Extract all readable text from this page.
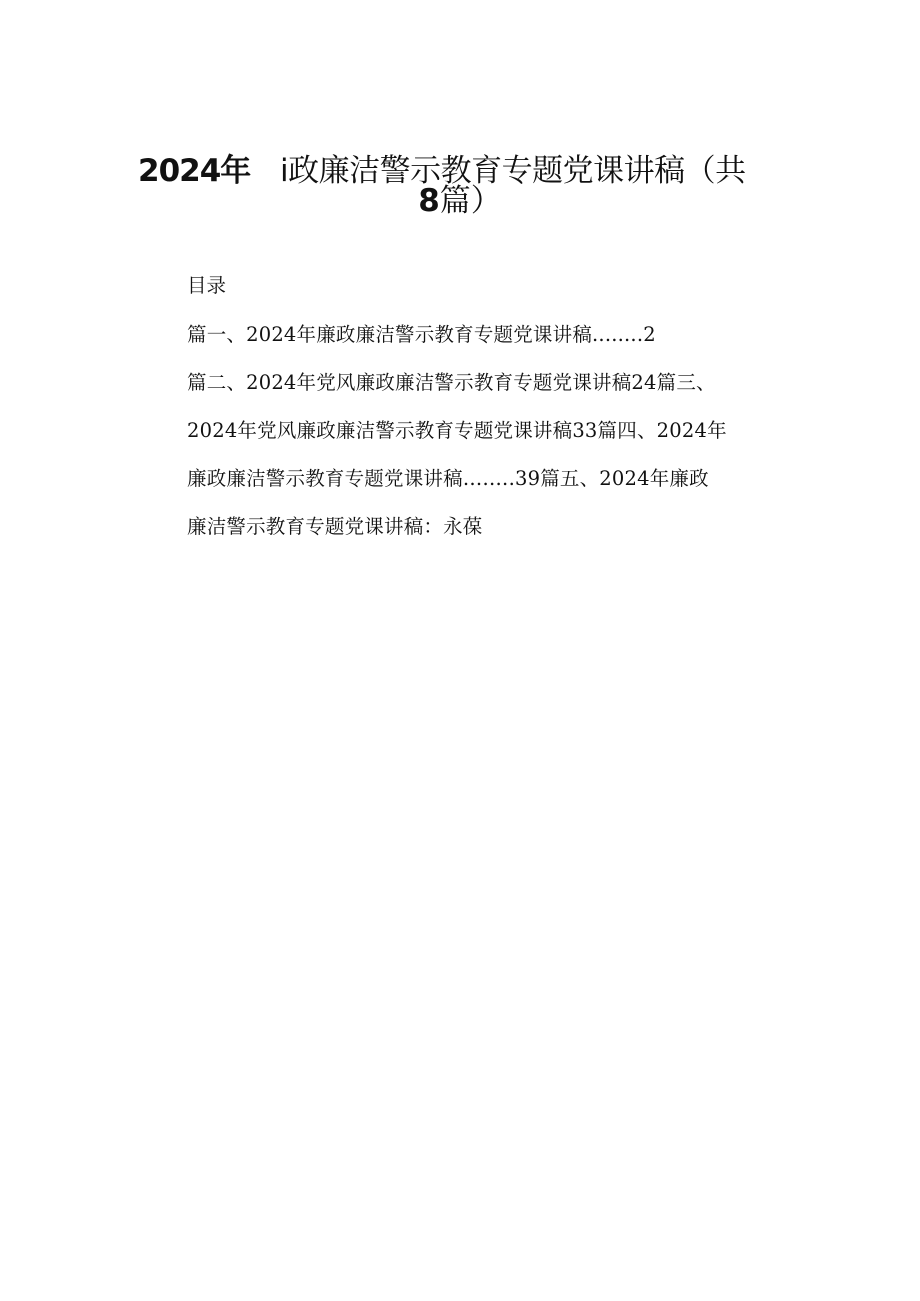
2024年 i政廉洁警示教育专题党课讲稿（共
8篇）
目录
篇一、2024年廉政廉洁警示教育专题党课讲稿........2
篇二、2024年党风廉政廉洁警示教育专题党课讲稿24篇三、
2024年党风廉政廉洁警示教育专题党课讲稿33篇四、2024年
廉政廉洁警示教育专题党课讲稿….….39篇五、2024年廉政
廉洁警示教育专题党课讲稿：永葆
